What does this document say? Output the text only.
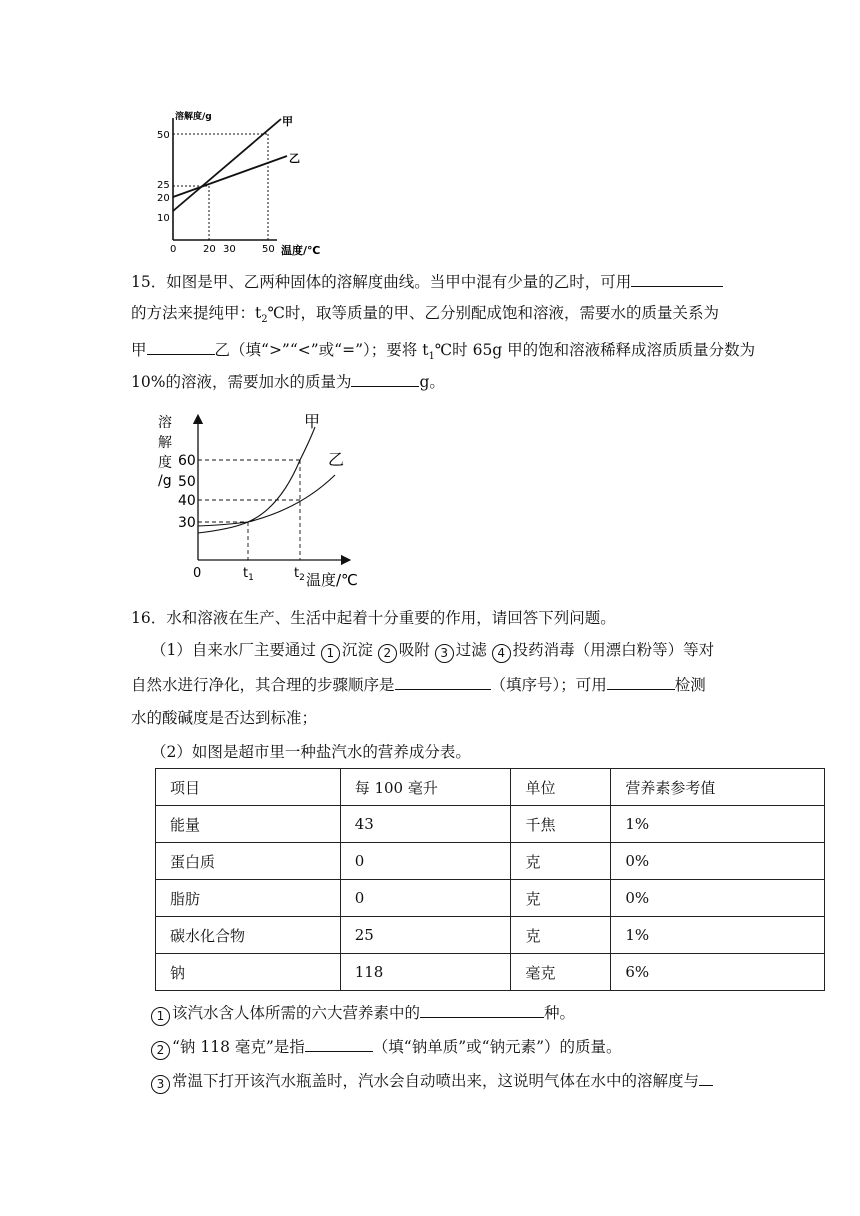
溶解度/g
50
25
20
10
0	20 30	50 温度/℃
甲
乙
15．如图是甲、乙两种固体的溶解度曲线。当甲中混有少量的乙时，可用
的方法来提纯甲：$t_2℃$时，取等质量的甲、乙分别配成饱和溶液，需要水的质量关系为
甲	乙（填“>”“<”或“=”）；要将 $t_1℃$时 65g 甲的饱和溶液稀释成溶质质量分数为
10%的溶液，需要加水的质量为	g。
溶
解
度
/g
60
50
40
30
0	$t_1$	$t_2$ 温度/℃
甲
乙
16．水和溶液在生产、生活中起着十分重要的作用，请回答下列问题。
（1）自来水厂主要通过 1 沉淀 2 吸附 3 过滤 4 投药消毒（用漂白粉等）等对
自然水进行净化，其合理的步骤顺序是	（填序号）；可用	检测
水的酸碱度是否达到标准；
（2）如图是超市里一种盐汽水的营养成分表。
项目	每 100 毫升	单位	营养素参考值
能量	43	千焦	1%
蛋白质	0	克	0%
脂肪	0	克	0%
碳水化合物	25	克	1%
钠	118	毫克	6%
1 该汽水含人体所需的六大营养素中的	种。
2 “钠 118 毫克”是指	（填“钠单质”或“钠元素”）的质量。
3 常温下打开该汽水瓶盖时，汽水会自动喷出来，这说明气体在水中的溶解度与
